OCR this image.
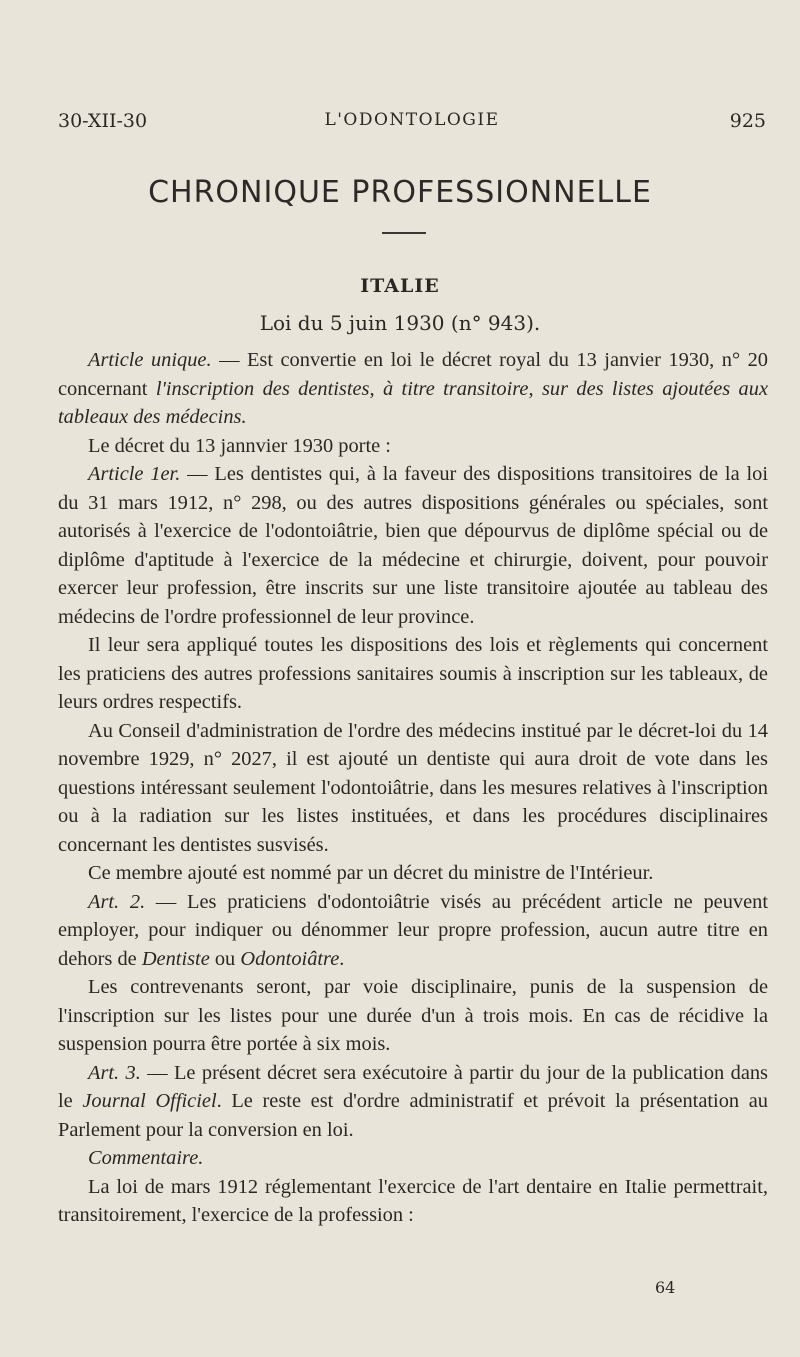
30-XII-30	L'ODONTOLOGIE	925
CHRONIQUE PROFESSIONNELLE
ITALIE
Loi du 5 juin 1930 (n° 943).

Article unique. — Est convertie en loi le décret royal du 13 janvier 1930, n° 20 concernant l'inscription des dentistes, à titre transitoire, sur des listes ajoutées aux tableaux des médecins.

Le décret du 13 jannvier 1930 porte :

Article 1er. — Les dentistes qui, à la faveur des dispositions transitoires de la loi du 31 mars 1912, n° 298, ou des autres dispositions générales ou spéciales, sont autorisés à l'exercice de l'odontoiâtrie, bien que dépourvus de diplôme spécial ou de diplôme d'aptitude à l'exercice de la médecine et chirurgie, doivent, pour pouvoir exercer leur profession, être inscrits sur une liste transitoire ajoutée au tableau des médecins de l'ordre professionnel de leur province.

Il leur sera appliqué toutes les dispositions des lois et règlements qui concernent les praticiens des autres professions sanitaires soumis à inscription sur les tableaux, de leurs ordres respectifs.

Au Conseil d'administration de l'ordre des médecins institué par le décret-loi du 14 novembre 1929, n° 2027, il est ajouté un dentiste qui aura droit de vote dans les questions intéressant seulement l'odontoiâtrie, dans les mesures relatives à l'inscription ou à la radiation sur les listes instituées, et dans les procédures disciplinaires concernant les dentistes susvisés.

Ce membre ajouté est nommé par un décret du ministre de l'Intérieur.

Art. 2. — Les praticiens d'odontoiâtrie visés au précédent article ne peuvent employer, pour indiquer ou dénommer leur propre profession, aucun autre titre en dehors de Dentiste ou Odontoiâtre.

Les contrevenants seront, par voie disciplinaire, punis de la suspension de l'inscription sur les listes pour une durée d'un à trois mois. En cas de récidive la suspension pourra être portée à six mois.

Art. 3. — Le présent décret sera exécutoire à partir du jour de la publication dans le Journal Officiel. Le reste est d'ordre administratif et prévoit la présentation au Parlement pour la conversion en loi.

Commentaire.

La loi de mars 1912 réglementant l'exercice de l'art dentaire en Italie permettrait, transitoirement, l'exercice de la profession :

64
